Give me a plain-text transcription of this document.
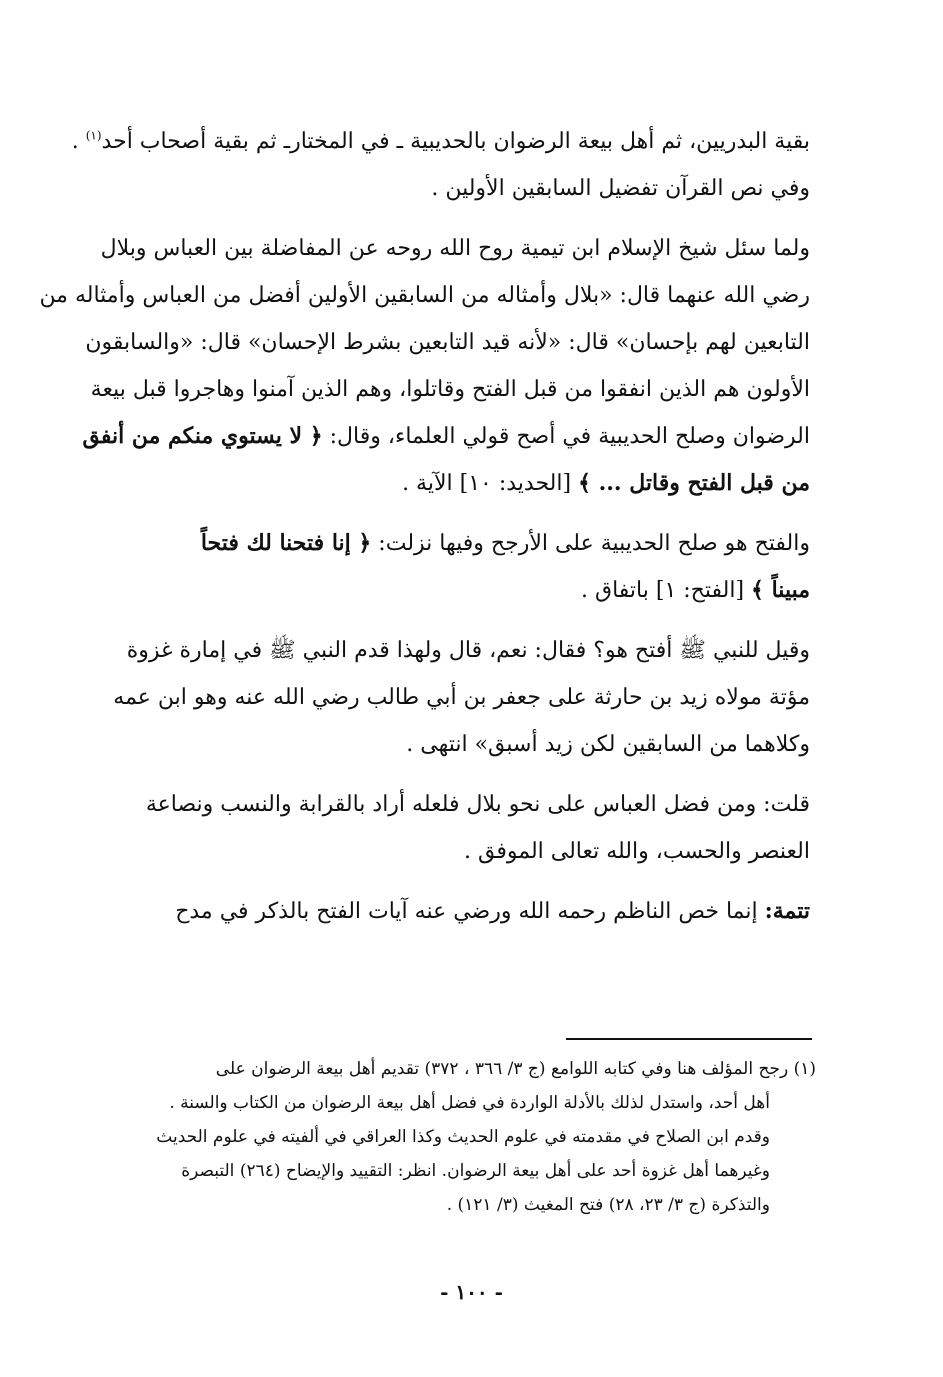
بقية البدريين، ثم أهل بيعة الرضوان بالحديبية ـ في المختارـ ثم بقية أصحاب أحد$^{(١)}$ .
وفي نص القرآن تفضيل السابقين الأولين .
ولما سئل شيخ الإسلام ابن تيمية روح الله روحه عن المفاضلة بين العباس وبلال
رضي الله عنهما قال: «بلال وأمثاله من السابقين الأولين أفضل من العباس وأمثاله من
التابعين لهم بإحسان» قال: «لأنه قيد التابعين بشرط الإحسان» قال: «والسابقون
الأولون هم الذين انفقوا من قبل الفتح وقاتلوا، وهم الذين آمنوا وهاجروا قبل بيعة
الرضوان وصلح الحديبية في أصح قولي العلماء، وقال: ﴿ لا يستوي منكم من أنفق
من قبل الفتح وقاتل ... ﴾ [الحديد: ١٠] الآية .
والفتح هو صلح الحديبية على الأرجح وفيها نزلت: ﴿ إنا فتحنا لك فتحاً
مبيناً ﴾ [الفتح: ١] باتفاق .
وقيل للنبي ﷺ أفتح هو؟ فقال: نعم، قال ولهذا قدم النبي ﷺ في إمارة غزوة
مؤتة مولاه زيد بن حارثة على جعفر بن أبي طالب رضي الله عنه وهو ابن عمه
وكلاهما من السابقين لكن زيد أسبق» انتهى .
قلت: ومن فضل العباس على نحو بلال فلعله أراد بالقرابة والنسب ونصاعة
العنصر والحسب، والله تعالى الموفق .
تتمة: إنما خص الناظم رحمه الله ورضي عنه آيات الفتح بالذكر في مدح
(١) رجح المؤلف هنا وفي كتابه اللوامع (ج ٣/ ٣٦٦ ، ٣٧٢) تقديم أهل بيعة الرضوان على
أهل أحد، واستدل لذلك بالأدلة الواردة في فضل أهل بيعة الرضوان من الكتاب والسنة .
وقدم ابن الصلاح في مقدمته في علوم الحديث وكذا العراقي في ألفيته في علوم الحديث
وغيرهما أهل غزوة أحد على أهل بيعة الرضوان. انظر: التقييد والإيضاح (٢٦٤) التبصرة
والتذكرة (ج ٣/ ٢٣، ٢٨) فتح المغيث (٣/ ١٢١) .
- ١٠٠ -
